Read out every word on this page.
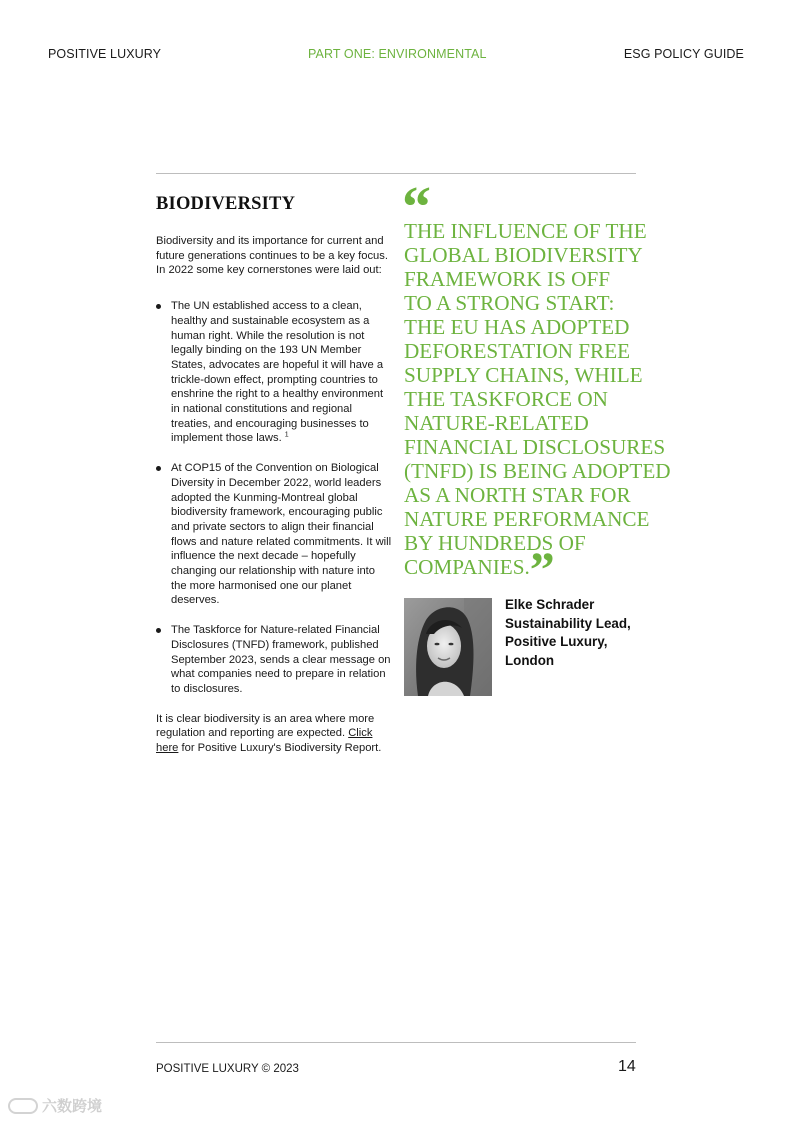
POSITIVE LUXURY	PART ONE: ENVIRONMENTAL	ESG POLICY GUIDE
BIODIVERSITY

Biodiversity and its importance for current and future generations continues to be a key focus. In 2022 some key cornerstones were laid out:

The UN established access to a clean, healthy and sustainable ecosystem as a human right. While the resolution is not legally binding on the 193 UN Member States, advocates are hopeful it will have a trickle-down effect, prompting countries to enshrine the right to a healthy environment in national constitutions and regional treaties, and encouraging businesses to implement those laws. $^1$
At COP15 of the Convention on Biological Diversity in December 2022, world leaders adopted the Kunming-Montreal global biodiversity framework, encouraging public and private sectors to align their financial flows and nature related commitments. It will influence the next decade – hopefully changing our relationship with nature into the more harmonised one our planet deserves.
The Taskforce for Nature-related Financial Disclosures (TNFD) framework, published September 2023, sends a clear message on what companies need to prepare in relation to disclosures.

It is clear biodiversity is an area where more regulation and reporting are expected. Click here for Positive Luxury's Biodiversity Report.

“
THE INFLUENCE OF THE
GLOBAL BIODIVERSITY
FRAMEWORK IS OFF
TO A STRONG START:
THE EU HAS ADOPTED
DEFORESTATION FREE
SUPPLY CHAINS, WHILE
THE TASKFORCE ON
NATURE-RELATED
FINANCIAL DISCLOSURES
(TNFD) IS BEING ADOPTED
AS A NORTH STAR FOR
NATURE PERFORMANCE
BY HUNDREDS OF
COMPANIES.”
Elke Schrader
Sustainability Lead,
Positive Luxury,
London
POSITIVE LUXURY © 2023	14
六数跨境
